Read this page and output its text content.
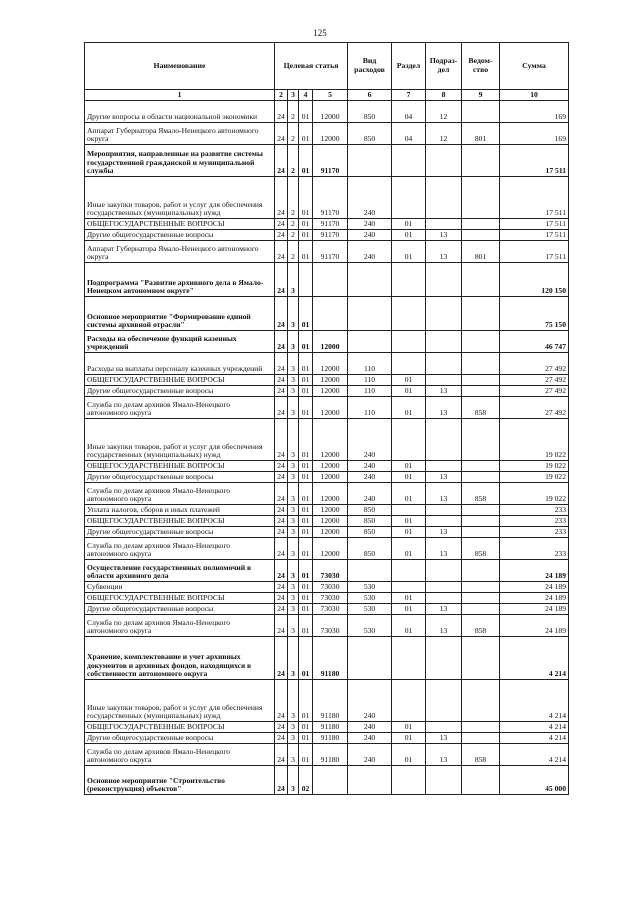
125
Наименование	Целевая статья				Вид расходов	Раздел	Подраз-дел	Ведом-ство	Сумма
1	2	3	4	5	6	7	8	9	10
Другие вопросы в области национальной экономики	24	2	01	12000	850	04	12		169
Аппарат Губернатора Ямало-Ненецкого автономного округа	24	2	01	12000	850	04	12	801	169
Мероприятия, направленные на развитие системы государственной гражданской и муниципальной службы	24	2	01	91170					17 511
Иные закупки товаров, работ и услуг для обеспечения государственных (муниципальных) нужд	24	2	01	91170	240				17 511
ОБЩЕГОСУДАРСТВЕННЫЕ ВОПРОСЫ	24	2	01	91170	240	01			17 511
Другие общегосударственные вопросы	24	2	01	91170	240	01	13		17 511
Аппарат Губернатора Ямало-Ненецкого автономного округа	24	2	01	91170	240	01	13	801	17 511
Подпрограмма "Развитие архивного дела в Ямало-Ненецком автономном округе"	24	3							120 150
Основное мероприятие "Формирование единой системы архивной отрасли"	24	3	01						75 150
Расходы на обеспечение функций казенных учреждений	24	3	01	12000					46 747
Расходы на выплаты персоналу казенных учреждений	24	3	01	12000	110				27 492
ОБЩЕГОСУДАРСТВЕННЫЕ ВОПРОСЫ	24	3	01	12000	110	01			27 492
Другие общегосударственные вопросы	24	3	01	12000	110	01	13		27 492
Служба по делам архивов Ямало-Ненецкого автономного округа	24	3	01	12000	110	01	13	858	27 492
Иные закупки товаров, работ и услуг для обеспечения государственных (муниципальных) нужд	24	3	01	12000	240				19 022
ОБЩЕГОСУДАРСТВЕННЫЕ ВОПРОСЫ	24	3	01	12000	240	01			19 022
Другие общегосударственные вопросы	24	3	01	12000	240	01	13		19 022
Служба по делам архивов Ямало-Ненецкого автономного округа	24	3	01	12000	240	01	13	858	19 022
Уплата налогов, сборов и иных платежей	24	3	01	12000	850				233
ОБЩЕГОСУДАРСТВЕННЫЕ ВОПРОСЫ	24	3	01	12000	850	01			233
Другие общегосударственные вопросы	24	3	01	12000	850	01	13		233
Служба по делам архивов Ямало-Ненецкого автономного округа	24	3	01	12000	850	01	13	858	233
Осуществление государственных полномочий в области архивного дела	24	3	01	73030					24 189
Субвенции	24	3	01	73030	530				24 189
ОБЩЕГОСУДАРСТВЕННЫЕ ВОПРОСЫ	24	3	01	73030	530	01			24 189
Другие общегосударственные вопросы	24	3	01	73030	530	01	13		24 189
Служба по делам архивов Ямало-Ненецкого автономного округа	24	3	01	73030	530	01	13	858	24 189
Хранение, комплектование и учет архивных документов и архивных фондов, находящихся в собственности автономного округа	24	3	01	91180					4 214
Иные закупки товаров, работ и услуг для обеспечения государственных (муниципальных) нужд	24	3	01	91180	240				4 214
ОБЩЕГОСУДАРСТВЕННЫЕ ВОПРОСЫ	24	3	01	91180	240	01			4 214
Другие общегосударственные вопросы	24	3	01	91180	240	01	13		4 214
Служба по делам архивов Ямало-Ненецкого автономного округа	24	3	01	91180	240	01	13	858	4 214
Основное мероприятие "Строительство (реконструкция) объектов"	24	3	02						45 000
